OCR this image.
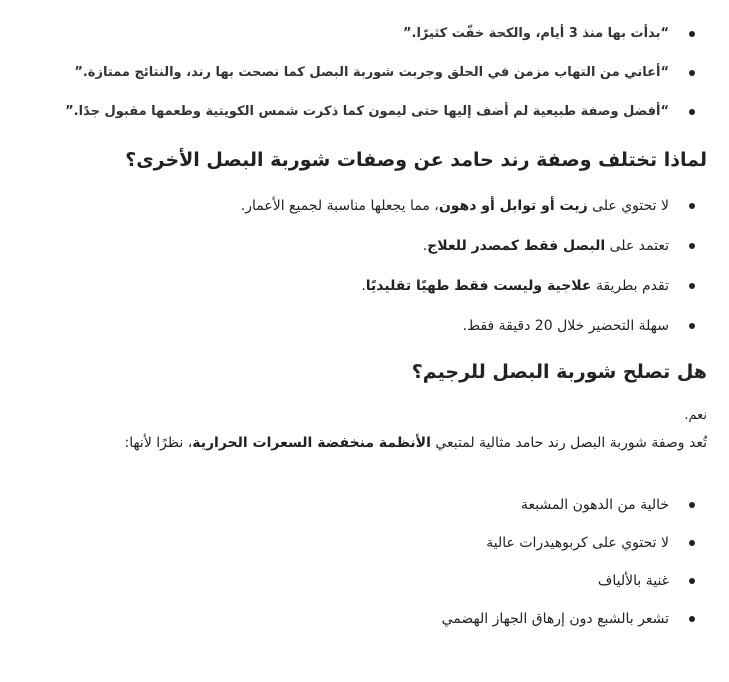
“بدأت بها منذ 3 أيام، والكحة خفّت كثيرًا.”
“أعاني من التهاب مزمن في الحلق وجربت شوربة البصل كما نصحت بها رند، والنتائج ممتازة.”
“أفضل وصفة طبيعية لم أضف إليها حتى ليمون كما ذكرت شمس الكويتية وطعمها مقبول جدًا.”
لماذا تختلف وصفة رند حامد عن وصفات شوربة البصل الأخرى؟
لا تحتوي على زيت أو توابل أو دهون، مما يجعلها مناسبة لجميع الأعمار.
تعتمد على البصل فقط كمصدر للعلاج.
تقدم بطريقة علاجية وليست فقط طهيًا تقليديًا.
سهلة التحضير خلال 20 دقيقة فقط.
هل تصلح شوربة البصل للرجيم؟
نعم.
تُعد وصفة شوربة البصل رند حامد مثالية لمتبعي الأنظمة منخفضة السعرات الحرارية، نظرًا لأنها:
خالية من الدهون المشبعة
لا تحتوي على كربوهيدرات عالية
غنية بالألياف
تشعر بالشبع دون إرهاق الجهاز الهضمي
